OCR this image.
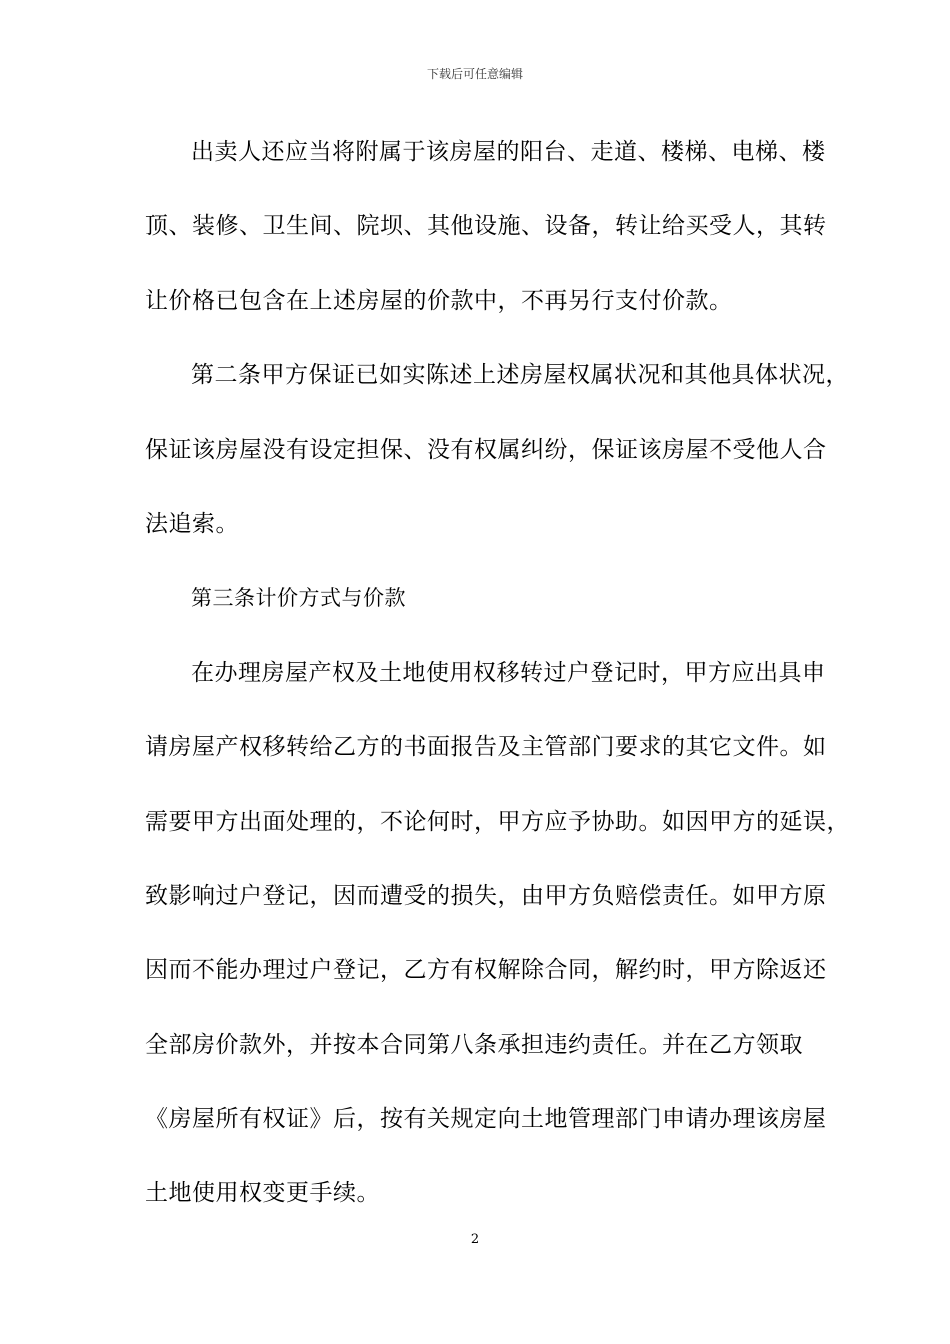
下载后可任意编辑
出卖人还应当将附属于该房屋的阳台、走道、楼梯、电梯、楼
顶、装修、卫生间、院坝、其他设施、设备，转让给买受人，其转
让价格已包含在上述房屋的价款中，不再另行支付价款。
第二条甲方保证已如实陈述上述房屋权属状况和其他具体状况，
保证该房屋没有设定担保、没有权属纠纷，保证该房屋不受他人合
法追索。
第三条计价方式与价款
在办理房屋产权及土地使用权移转过户登记时，甲方应出具申
请房屋产权移转给乙方的书面报告及主管部门要求的其它文件。如
需要甲方出面处理的，不论何时，甲方应予协助。如因甲方的延误，
致影响过户登记，因而遭受的损失，由甲方负赔偿责任。如甲方原
因而不能办理过户登记，乙方有权解除合同，解约时，甲方除返还
全部房价款外，并按本合同第八条承担违约责任。并在乙方领取
《房屋所有权证》后，按有关规定向土地管理部门申请办理该房屋
土地使用权变更手续。
2
